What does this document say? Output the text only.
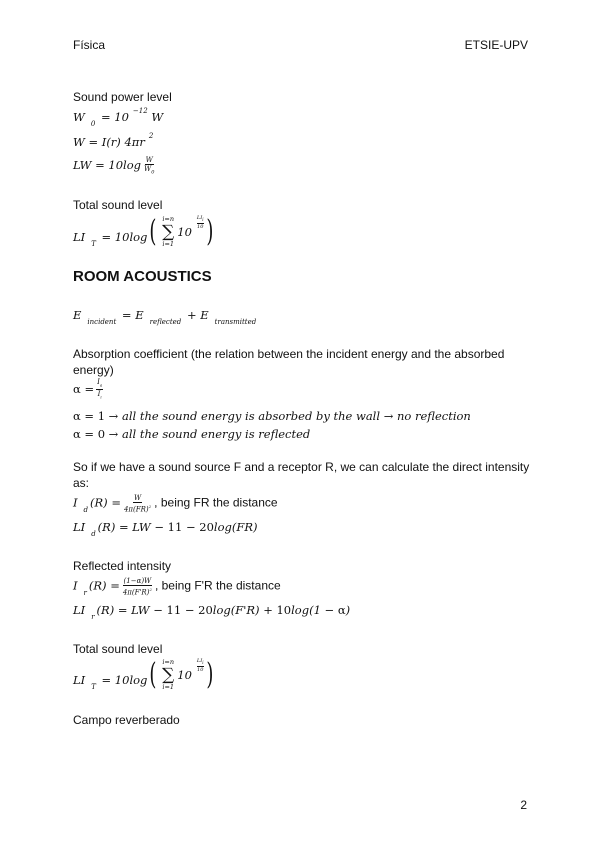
Física	ETSIE-UPV
Sound power level
W $_0$ = 10 $^{-12}$ W
W = I(r) 4πr $^2$
LW = $10\log \frac{W}{W_0}$
Total sound level
LI $_T$ = 10log ( i=n
∑
i=1
10
$LI_i$
10 )
ROOM ACOUSTICS
E $_{incident}$ = E $_{reflected}$ + E $_{transmitted}$
Absorption coefficient (the relation between the incident energy and the absorbed energy)
$\alpha = \frac{I_a}{I_i}$
α = 1 → all the sound energy is absorbed by the wall → no reflection
α = 0 → all the sound energy is reflected
So if we have a sound source F and a receptor R, we can calculate the direct intensity as:
I $_d$ $(R) = \frac{W}{4\pi(FR)^2}$ , being FR the distance
LI $_d$ (R) = LW − 11 − 20log(FR)
Reflected intensity
I $_r$ $(R) = \frac{(1-\alpha)W}{4\pi(F'R)^2}$ , being F'R the distance
LI $_r$ (R) = LW − 11 − 20log(F'R) + 10log(1 − α)
Total sound level
LI $_T$ = 10log ( i=n
∑
i=1
10
$LI_i$
10 )
Campo reverberado
2
